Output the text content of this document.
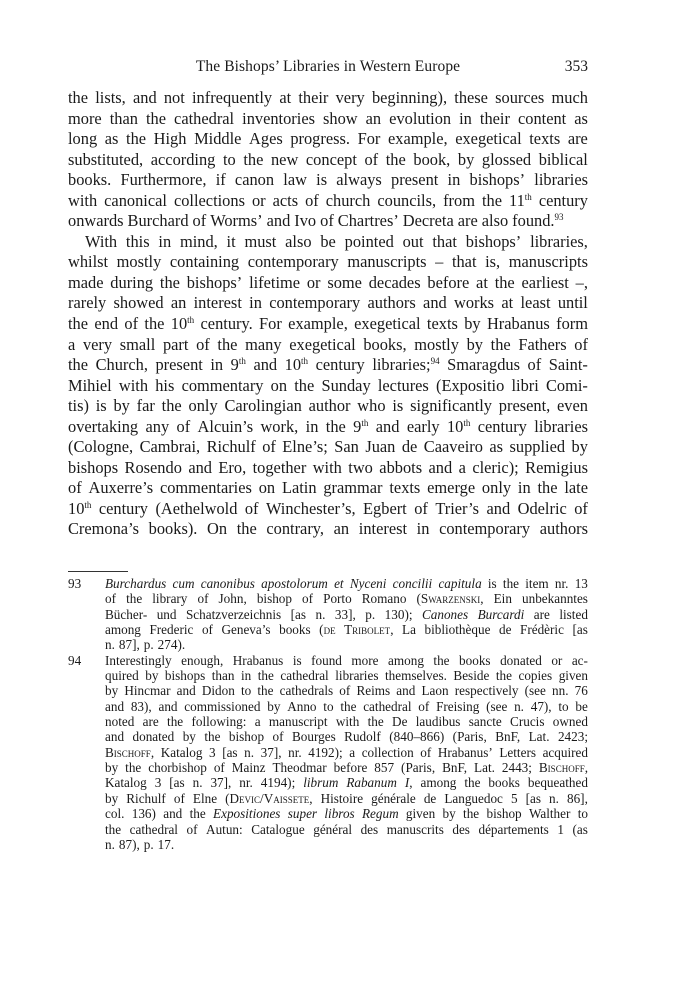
The Bishops’ Libraries in Western Europe	353
the lists, and not infrequently at their very beginning), these sources much
more than the cathedral inventories show an evolution in their content as
long as the High Middle Ages progress. For example, exegetical texts are
substituted, according to the new concept of the book, by glossed biblical
books. Furthermore, if canon law is always present in bishops’ libraries
with canonical collections or acts of church councils, from the 11th century
onwards Burchard of Worms’ and Ivo of Chartres’ Decreta are also found.$^{93}$
With this in mind, it must also be pointed out that bishops’ libraries,
whilst mostly containing contemporary manuscripts – that is, manuscripts
made during the bishops’ lifetime or some decades before at the earliest –,
rarely showed an interest in contemporary authors and works at least until
the end of the 10th century. For example, exegetical texts by Hrabanus form
a very small part of the many exegetical books, mostly by the Fathers of
the Church, present in 9th and 10th century libraries;$^{94}$ Smaragdus of Saint-
Mihiel with his commentary on the Sunday lectures (Expositio libri Comi-
tis) is by far the only Carolingian author who is significantly present, even
overtaking any of Alcuin’s work, in the 9th and early 10th century libraries
(Cologne, Cambrai, Richulf of Elne’s; San Juan de Caaveiro as supplied by
bishops Rosendo and Ero, together with two abbots and a cleric); Remigius
of Auxerre’s commentaries on Latin grammar texts emerge only in the late
10th century (Aethelwold of Winchester’s, Egbert of Trier’s and Odelric of
Cremona’s books). On the contrary, an interest in contemporary authors
93 Burchardus cum canonibus apostolorum et Nyceni concilii capitula is the item nr. 13
of the library of John, bishop of Porto Romano (Swarzenski, Ein unbekanntes
Bücher- und Schatzverzeichnis [as n. 33], p. 130); Canones Burcardi are listed
among Frederic of Geneva’s books (de Tribolet, La bibliothèque de Frédèric [as
n. 87], p. 274).
94 Interestingly enough, Hrabanus is found more among the books donated or ac-
quired by bishops than in the cathedral libraries themselves. Beside the copies given
by Hincmar and Didon to the cathedrals of Reims and Laon respectively (see nn. 76
and 83), and commissioned by Anno to the cathedral of Freising (see n. 47), to be
noted are the following: a manuscript with the De laudibus sancte Crucis owned
and donated by the bishop of Bourges Rudolf (840–866) (Paris, BnF, Lat. 2423;
Bischoff, Katalog 3 [as n. 37], nr. 4192); a collection of Hrabanus’ Letters acquired
by the chorbishop of Mainz Theodmar before 857 (Paris, BnF, Lat. 2443; Bischoff,
Katalog 3 [as n. 37], nr. 4194); librum Rabanum I, among the books bequeathed
by Richulf of Elne (Devic/Vaissete, Histoire générale de Languedoc 5 [as n. 86],
col. 136) and the Expositiones super libros Regum given by the bishop Walther to
the cathedral of Autun: Catalogue général des manuscrits des départements 1 (as
n. 87), p. 17.
